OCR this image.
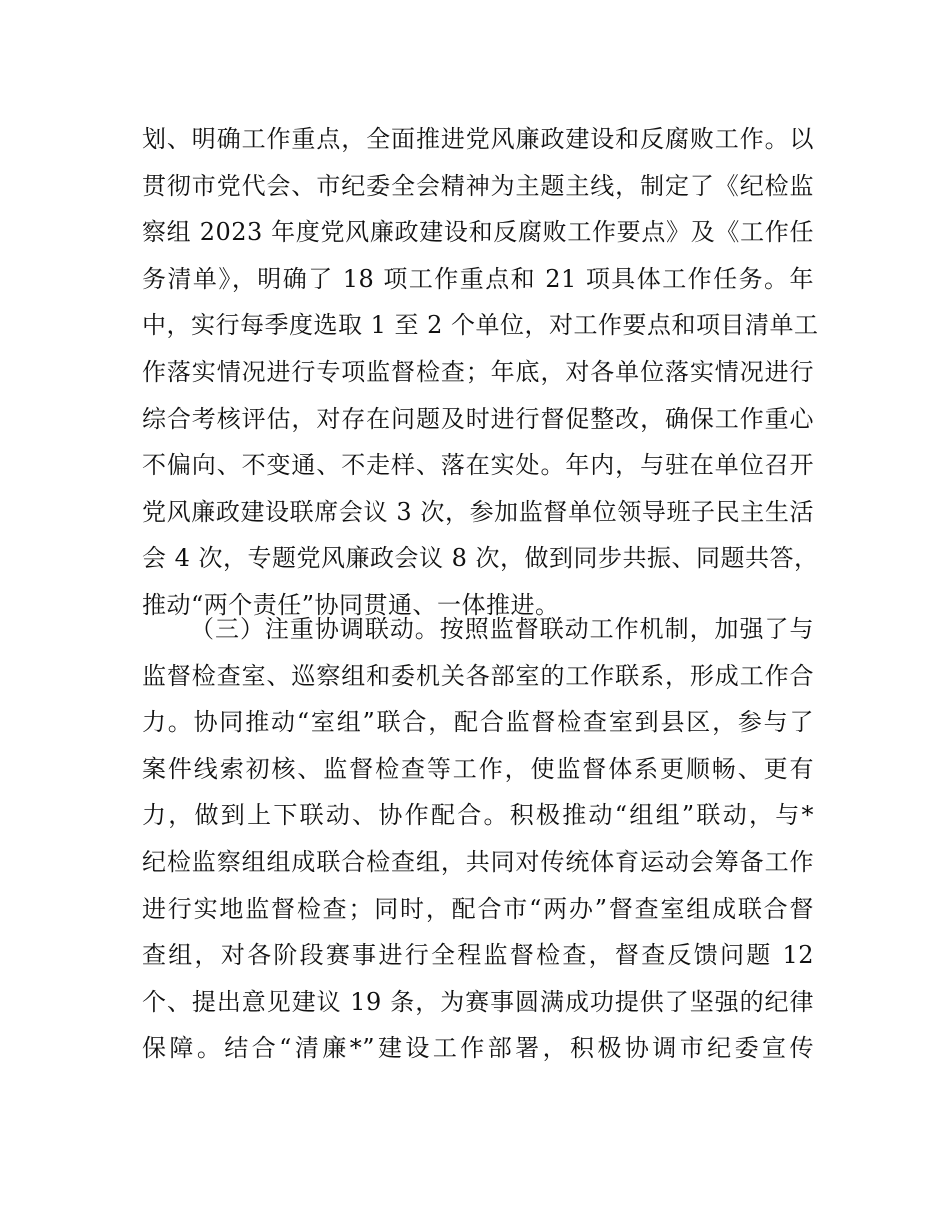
划、明确工作重点，全面推进党风廉政建设和反腐败工作。以
贯彻市党代会、市纪委全会精神为主题主线，制定了《纪检监
察组 2023 年度党风廉政建设和反腐败工作要点》及《工作任
务清单》，明确了 18 项工作重点和 21 项具体工作任务。年
中，实行每季度选取 1 至 2 个单位，对工作要点和项目清单工
作落实情况进行专项监督检查；年底，对各单位落实情况进行
综合考核评估，对存在问题及时进行督促整改，确保工作重心
不偏向、不变通、不走样、落在实处。年内，与驻在单位召开
党风廉政建设联席会议 3 次，参加监督单位领导班子民主生活
会 4 次，专题党风廉政会议 8 次，做到同步共振、同题共答，
推动“两个责任”协同贯通、一体推进。
（三）注重协调联动。按照监督联动工作机制，加强了与
监督检查室、巡察组和委机关各部室的工作联系，形成工作合
力。协同推动“室组”联合，配合监督检查室到县区，参与了
案件线索初核、监督检查等工作，使监督体系更顺畅、更有
力，做到上下联动、协作配合。积极推动“组组”联动，与*
纪检监察组组成联合检查组，共同对传统体育运动会筹备工作
进行实地监督检查；同时，配合市“两办”督查室组成联合督
查组，对各阶段赛事进行全程监督检查，督查反馈问题 12
个、提出意见建议 19 条，为赛事圆满成功提供了坚强的纪律
保障。结合“清廉*”建设工作部署，积极协调市纪委宣传
